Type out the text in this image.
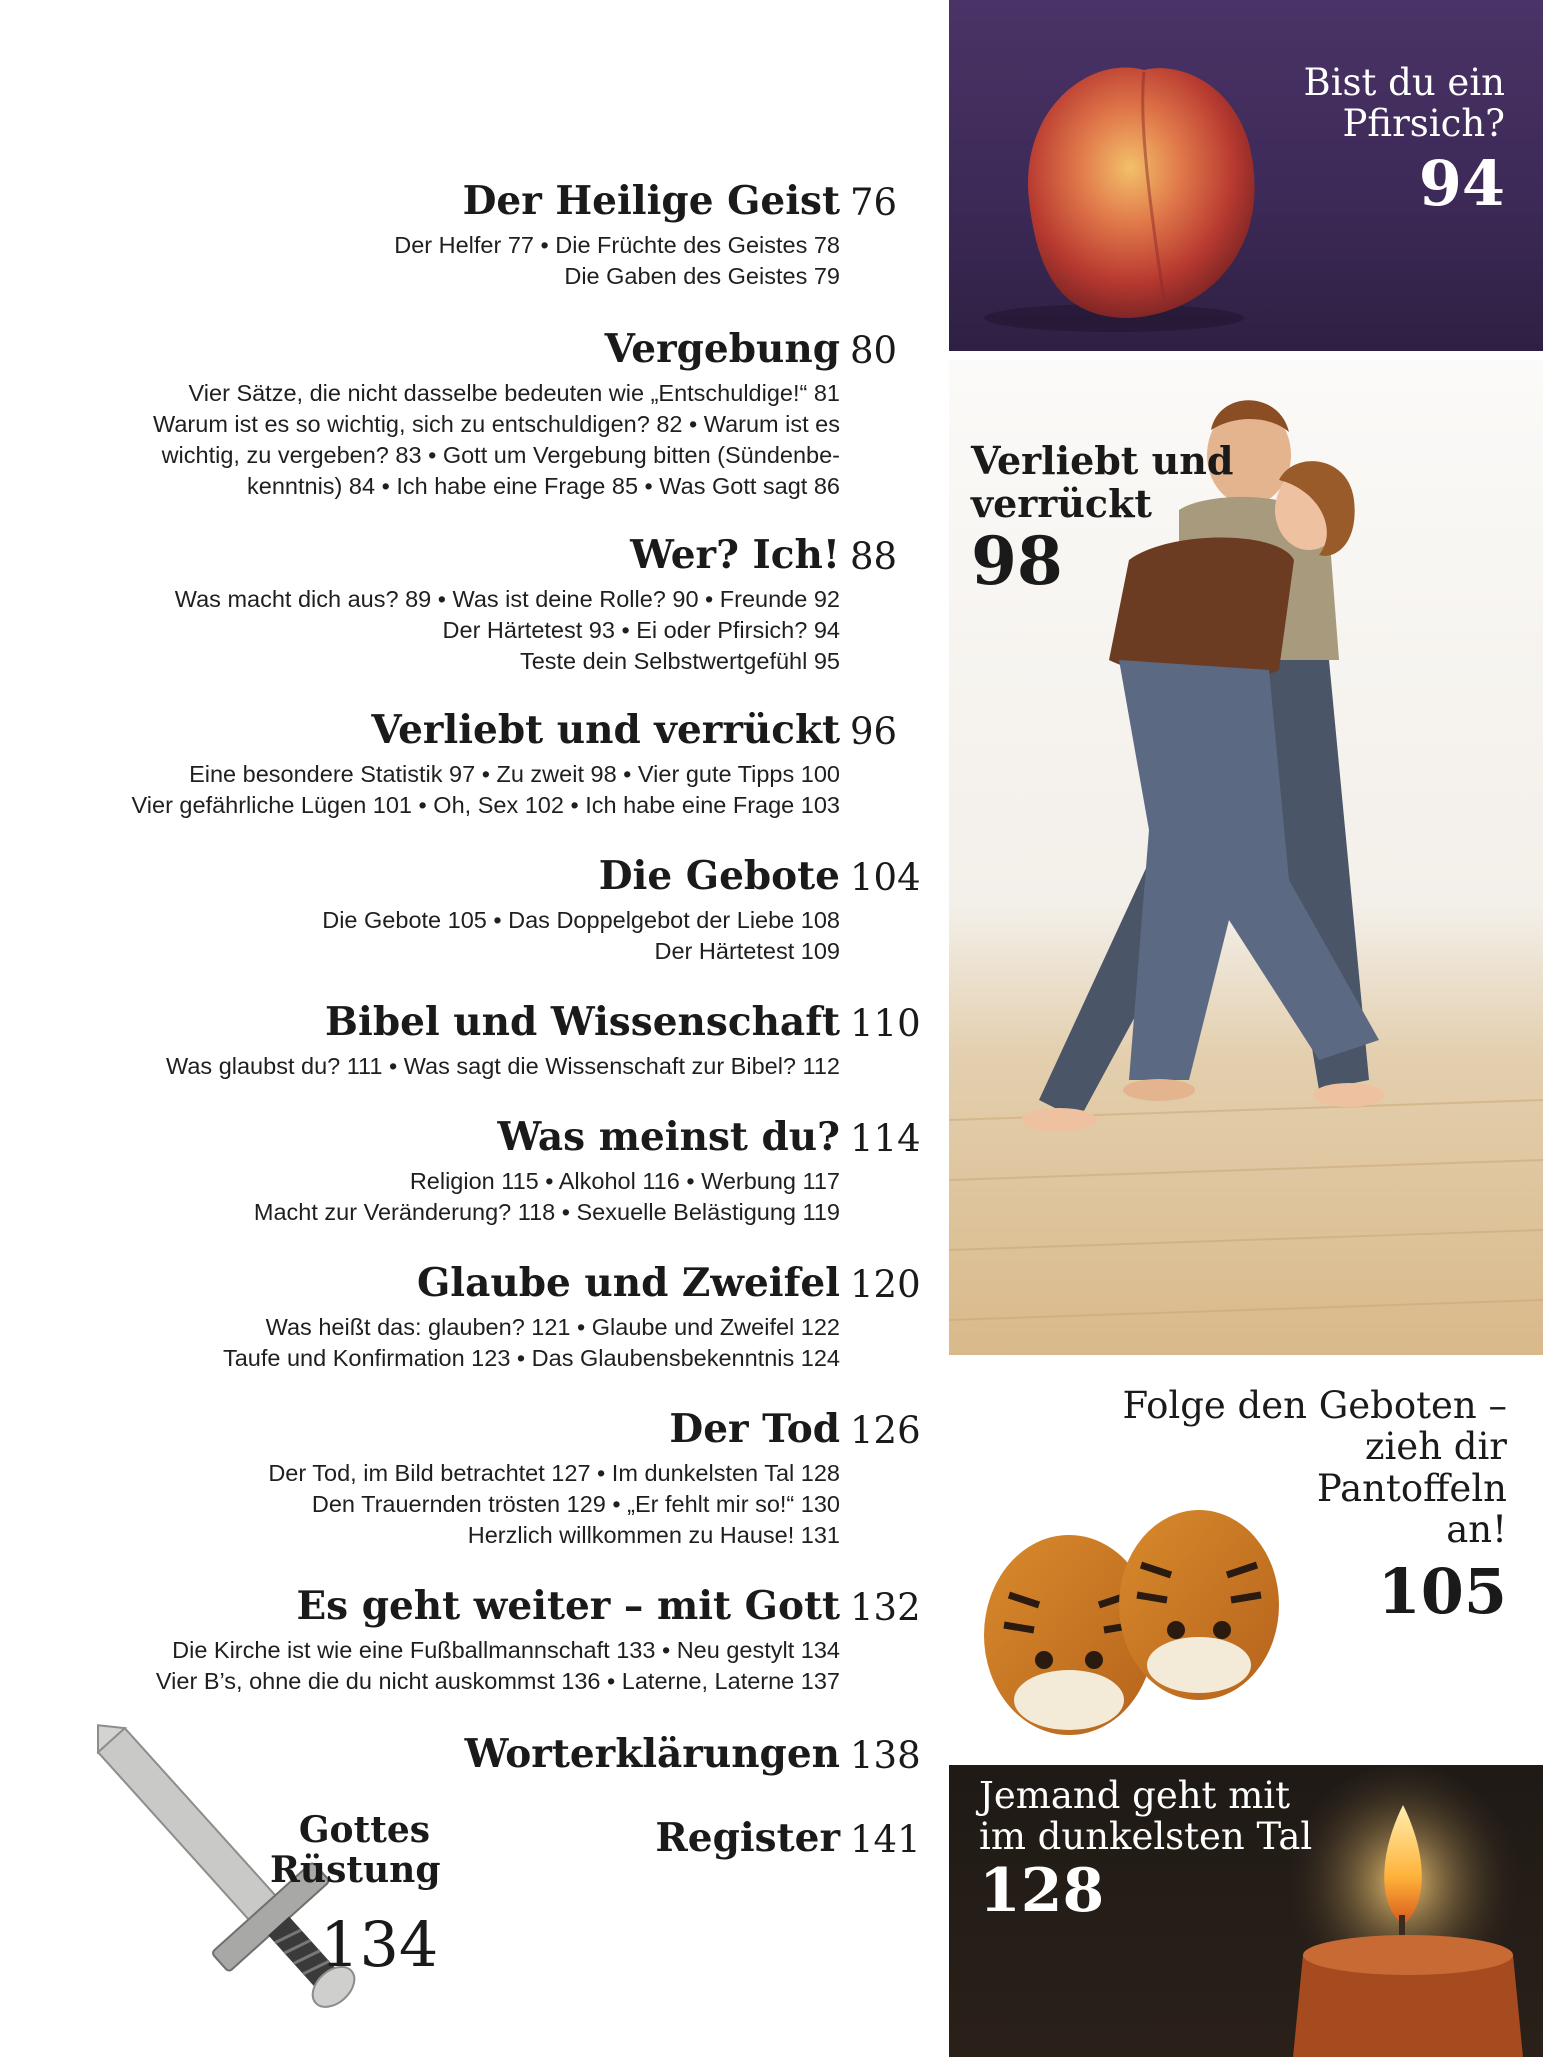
Der Heilige Geist 76
Der Helfer 77 • Die Früchte des Geistes 78
Die Gaben des Geistes 79
Vergebung 80
Vier Sätze, die nicht dasselbe bedeuten wie „Entschuldige!“ 81
Warum ist es so wichtig, sich zu entschuldigen? 82 • Warum ist es
wichtig, zu vergeben? 83 • Gott um Vergebung bitten (Sündenbe-
kenntnis) 84 • Ich habe eine Frage 85 • Was Gott sagt 86
Wer? Ich! 88
Was macht dich aus? 89 • Was ist deine Rolle? 90 • Freunde 92
Der Härtetest 93 • Ei oder Pfirsich? 94
Teste dein Selbstwertgefühl 95
Verliebt und verrückt 96
Eine besondere Statistik 97 • Zu zweit 98 • Vier gute Tipps 100
Vier gefährliche Lügen 101 • Oh, Sex 102 • Ich habe eine Frage 103
Die Gebote 104
Die Gebote 105 • Das Doppelgebot der Liebe 108
Der Härtetest 109
Bibel und Wissenschaft 110
Was glaubst du? 111 • Was sagt die Wissenschaft zur Bibel? 112
Was meinst du? 114
Religion 115 • Alkohol 116 • Werbung 117
Macht zur Veränderung? 118 • Sexuelle Belästigung 119
Glaube und Zweifel 120
Was heißt das: glauben? 121 • Glaube und Zweifel 122
Taufe und Konfirmation 123 • Das Glaubensbekenntnis 124
Der Tod 126
Der Tod, im Bild betrachtet 127 • Im dunkelsten Tal 128
Den Trauernden trösten 129 • „Er fehlt mir so!“ 130
Herzlich willkommen zu Hause! 131
Es geht weiter – mit Gott 132
Die Kirche ist wie eine Fußballmannschaft 133 • Neu gestylt 134
Vier B’s, ohne die du nicht auskommst 136 • Laterne, Laterne 137
Worterklärungen 138
Register 141
Gottes
Rüstung
134
Bist du ein
Pfirsich?
94
Verliebt und
verrückt
98
Folge den Geboten –
zieh dir
Pantoffeln
an!
105
Jemand geht mit
im dunkelsten Tal
128
